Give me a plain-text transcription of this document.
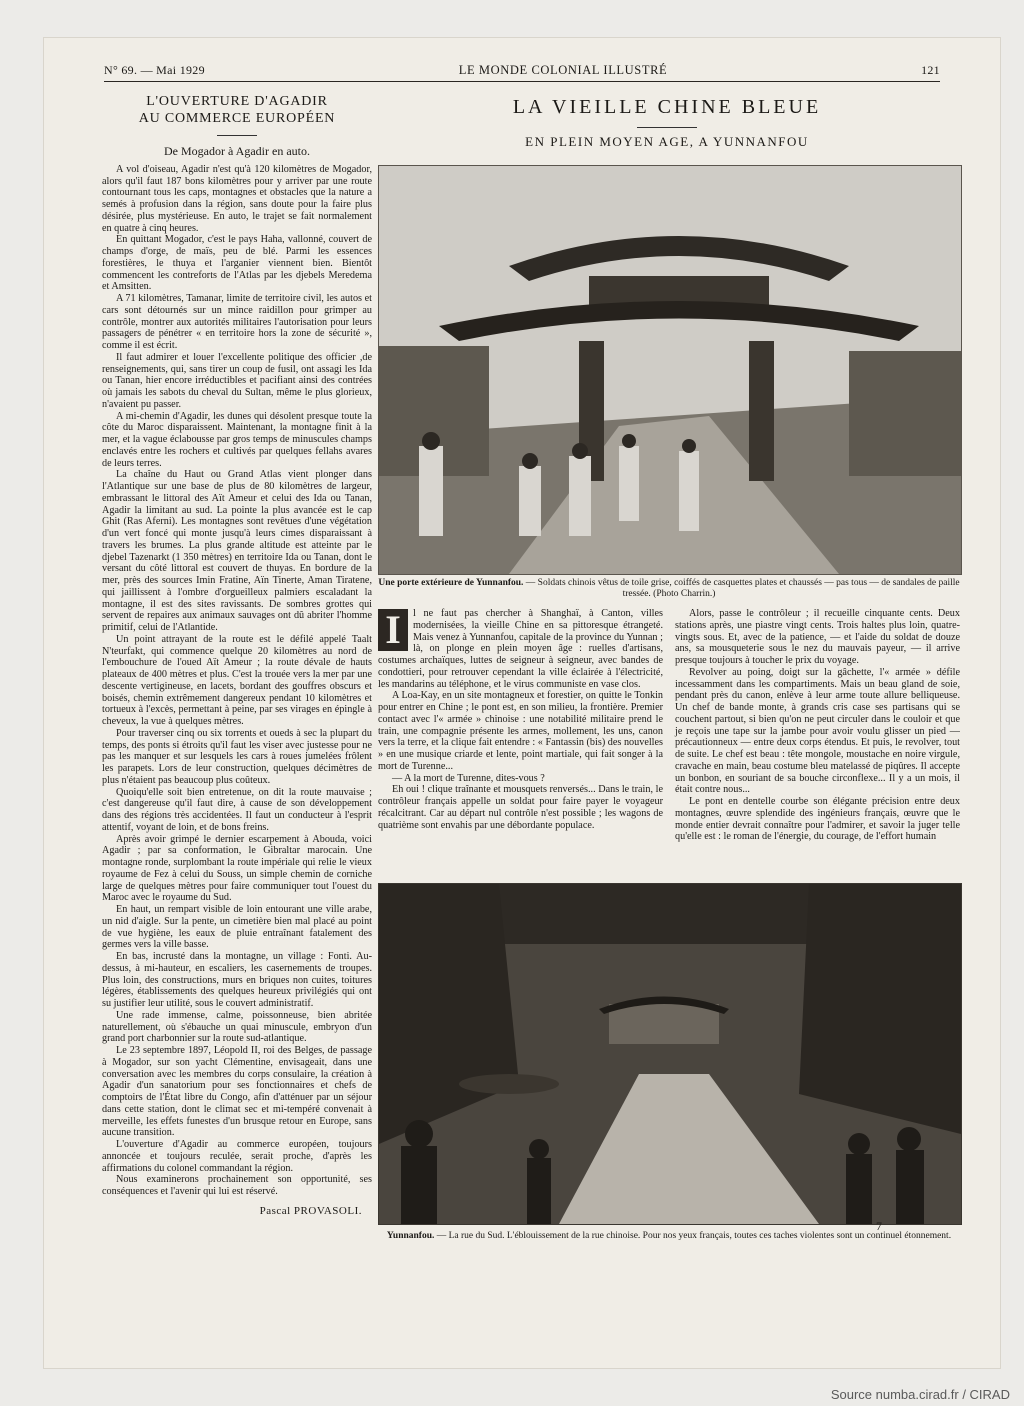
N° 69. — Mai 1929	LE MONDE COLONIAL ILLUSTRÉ	121
L'OUVERTURE D'AGADIR
AU COMMERCE EUROPÉEN
De Mogador à Agadir en auto.

A vol d'oiseau, Agadir n'est qu'à 120 kilomètres de Mogador, alors qu'il faut 187 bons kilomètres pour y arriver par une route contournant tous les caps, montagnes et obstacles que la nature a semés à profusion dans la région, sans doute pour la faire plus désirée, plus mystérieuse. En auto, le trajet se fait normalement en quatre à cinq heures.

En quittant Mogador, c'est le pays Haha, vallonné, couvert de champs d'orge, de maïs, peu de blé. Parmi les essences forestières, le thuya et l'arganier viennent bien. Bientôt commencent les contreforts de l'Atlas par les djebels Meredema et Amsitten.

A 71 kilomètres, Tamanar, limite de territoire civil, les autos et cars sont détournés sur un mince raidillon pour grimper au contrôle, montrer aux autorités militaires l'autorisation pour leurs passagers de pénétrer « en territoire hors la zone de sécurité », comme il est écrit.

Il faut admirer et louer l'excellente politique des officier ,de renseignements, qui, sans tirer un coup de fusil, ont assagi les Ida ou Tanan, hier encore irréductibles et pacifiant ainsi des contrées où jamais les sabots du cheval du Sultan, même le plus glorieux, n'avaient pu passer.

A mi-chemin d'Agadir, les dunes qui désolent presque toute la côte du Maroc disparaissent. Maintenant, la montagne finit à la mer, et la vague éclabousse par gros temps de minuscules champs enclavés entre les rochers et cultivés par quelques fellahs avares de leurs terres.

La chaîne du Haut ou Grand Atlas vient plonger dans l'Atlantique sur une base de plus de 80 kilomètres de largeur, embrassant le littoral des Aït Ameur et celui des Ida ou Tanan, Agadir la limitant au sud. La pointe la plus avancée est le cap Ghit (Ras Aferni). Les montagnes sont revêtues d'une végétation d'un vert foncé qui monte jusqu'à leurs cimes disparaissant à travers les brumes. La plus grande altitude est atteinte par le djebel Tazenarkt (1 350 mètres) en territoire Ida ou Tanan, dont le versant du côté littoral est couvert de thuyas. En bordure de la mer, près des sources Imin Fratine, Aïn Tinerte, Aman Tiratene, qui jaillissent à l'ombre d'orgueilleux palmiers escaladant la montagne, il est des sites ravissants. De sombres grottes qui servent de repaires aux animaux sauvages ont dû abriter l'homme primitif, celui de l'Atlantide.

Un point attrayant de la route est le défilé appelé Taalt N'teurfakt, qui commence quelque 20 kilomètres au nord de l'embouchure de l'oued Aït Ameur ; la route dévale de hauts plateaux de 400 mètres et plus. C'est la trouée vers la mer par une descente vertigineuse, en lacets, bordant des gouffres obscurs et boisés, chemin extrêmement dangereux pendant 10 kilomètres et tortueux à l'excès, permettant à peine, par ses virages en épingle à cheveux, la vue à quelques mètres.

Pour traverser cinq ou six torrents et oueds à sec la plupart du temps, des ponts si étroits qu'il faut les viser avec justesse pour ne pas les manquer et sur lesquels les cars à roues jumelées frôlent les parapets. Lors de leur construction, quelques décimètres de plus n'étaient pas beaucoup plus coûteux.

Quoiqu'elle soit bien entretenue, on dit la route mauvaise ; c'est dangereuse qu'il faut dire, à cause de son développement dans des régions très accidentées. Il faut un conducteur à l'esprit attentif, voyant de loin, et de bons freins.

Après avoir grimpé le dernier escarpement à Abouda, voici Agadir ; par sa conformation, le Gibraltar marocain. Une montagne ronde, surplombant la route impériale qui relie le vieux royaume de Fez à celui du Souss, un simple chemin de corniche large de quelques mètres pour faire communiquer tout l'ouest du Maroc avec le royaume du Sud.

En haut, un rempart visible de loin entourant une ville arabe, un nid d'aigle. Sur la pente, un cimetière bien mal placé au point de vue hygiène, les eaux de pluie entraînant fatalement des germes vers la ville basse.

En bas, incrusté dans la montagne, un village : Fonti. Au-dessus, à mi-hauteur, en escaliers, les casernements de troupes. Plus loin, des constructions, murs en briques non cuites, toitures légères, établissements des quelques heureux privilégiés qui ont su justifier leur utilité, sous le couvert administratif.

Une rade immense, calme, poissonneuse, bien abritée naturellement, où s'ébauche un quai minuscule, embryon d'un grand port charbonnier sur la route sud-atlantique.

Le 23 septembre 1897, Léopold II, roi des Belges, de passage à Mogador, sur son yacht Clémentine, envisageait, dans une conversation avec les membres du corps consulaire, la création à Agadir d'un sanatorium pour ses fonctionnaires et chefs de comptoirs de l'État libre du Congo, afin d'atténuer par un séjour dans cette station, dont le climat sec et mi-tempéré convenait à merveille, les effets funestes d'un brusque retour en Europe, sans aucune transition.

L'ouverture d'Agadir au commerce européen, toujours annoncée et toujours reculée, serait proche, d'après les affirmations du colonel commandant la région.

Nous examinerons prochainement son opportunité, ses conséquences et l'avenir qui lui est réservé.

Pascal PROVASOLI.
LA VIEILLE CHINE BLEUE
EN PLEIN MOYEN AGE, A YUNNANFOU
Une porte extérieure de Yunnanfou. — Soldats chinois vêtus de toile grise, coiffés de casquettes plates et chaussés — pas tous — de sandales de paille tressée. (Photo Charrin.)
I	l ne faut pas chercher à Shanghaï, à Canton, villes modernisées, la vieille Chine en sa pittoresque étrangeté. Mais venez à Yunnanfou, capitale de la province du Yunnan ; là, on plonge en plein moyen âge : ruelles d'artisans, costumes archaïques, luttes de seigneur à seigneur, avec bandes de condottieri, pour retrouver cependant la ville éclairée à l'électricité, les mandarins au téléphone, et le virus communiste en vase clos.

A Loa-Kay, en un site montagneux et forestier, on quitte le Tonkin pour entrer en Chine ; le pont est, en son milieu, la frontière. Premier contact avec l'« armée » chinoise : une notabilité militaire prend le train, une compagnie présente les armes, mollement, les uns, canon vers la terre, et la clique fait entendre : « Fantassin (bis) des nouvelles » en une musique criarde et lente, point martiale, qui fait songer à la mort de Turenne...

— A la mort de Turenne, dites-vous ?

Eh oui ! clique traînante et mousquets renversés... Dans le train, le contrôleur français appelle un soldat pour faire payer le voyageur récalcitrant. Car au départ nul contrôle n'est possible ; les wagons de quatrième sont envahis par une débordante populace.

Alors, passe le contrôleur ; il recueille cinquante cents. Deux stations après, une piastre vingt cents. Trois haltes plus loin, quatre-vingts sous. Et, avec de la patience, — et l'aide du soldat de douze ans, sa mousqueterie sous le nez du mauvais payeur, — il arrive presque toujours à toucher le prix du voyage.

Revolver au poing, doigt sur la gâchette, l'« armée » défile incessamment dans les compartiments. Mais un beau gland de soie, pendant près du canon, enlève à leur arme toute allure belliqueuse. Un chef de bande monte, à grands cris case ses partisans qui se couchent partout, si bien qu'on ne peut circuler dans le couloir et que je reçois une tape sur la jambe pour avoir voulu glisser un pied — précautionneux — entre deux corps étendus. Et puis, le revolver, tout de suite. Le chef est beau : tête mongole, moustache en noire virgule, cravache en main, beau costume bleu matelassé de piqûres. Il accepte un bonbon, en souriant de sa bouche circonflexe... Il y a un mois, il était contre nous...

Le pont en dentelle courbe son élégante précision entre deux montagnes, œuvre splendide des ingénieurs français, œuvre que le monde entier devrait connaître pour l'admirer, et savoir la juger telle qu'elle est : le roman de l'énergie, du courage, de l'effort humain

Yunnanfou. — La rue du Sud. L'éblouissement de la rue chinoise. Pour nos yeux français, toutes ces taches violentes sont un continuel étonnement.
7
Source numba.cirad.fr / CIRAD
